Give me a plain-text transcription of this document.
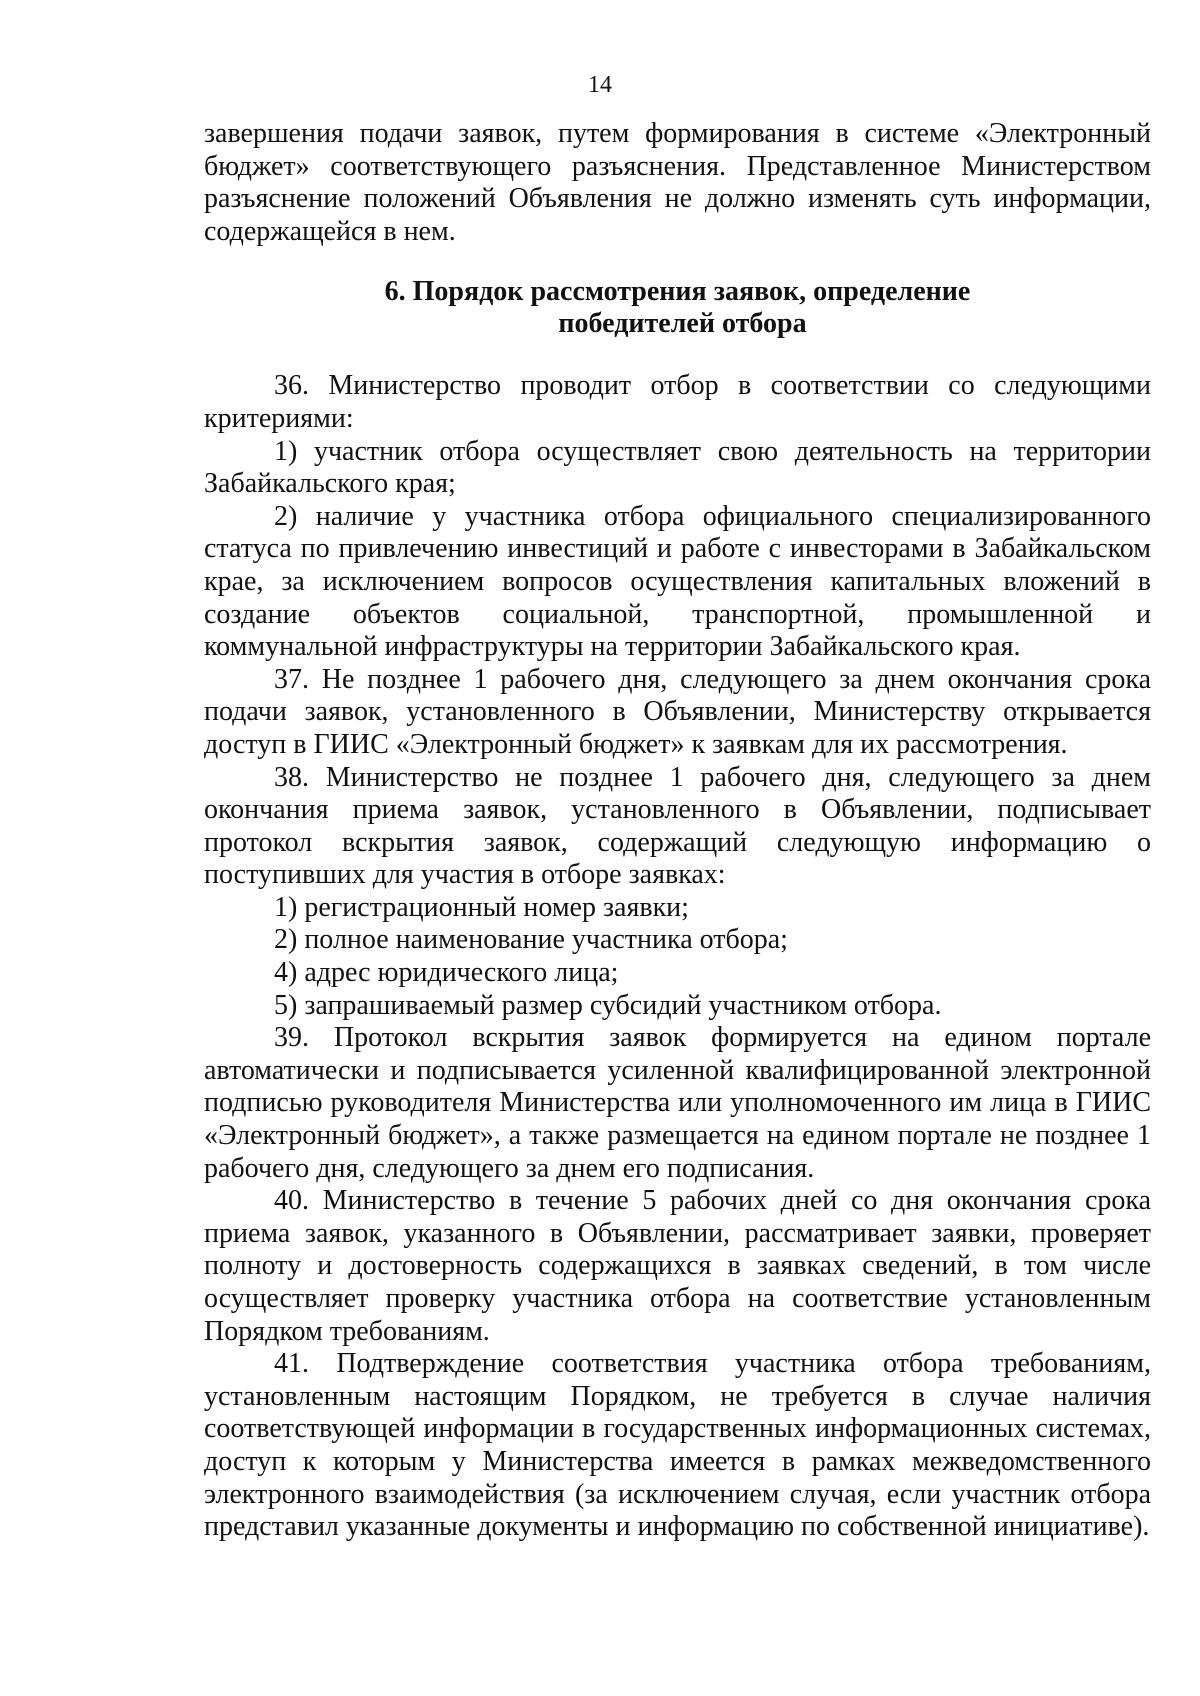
14

завершения подачи заявок, путем формирования в системе «Электронный бюджет» соответствующего разъяснения. Представленное Министерством разъяснение положений Объявления не должно изменять суть информации, содержащейся в нем.

6. Порядок рассмотрения заявок, определение
победителей отбора

36. Министерство проводит отбор в соответствии со следующими критериями:

1) участник отбора осуществляет свою деятельность на территории Забайкальского края;

2) наличие у участника отбора официального специализированного статуса по привлечению инвестиций и работе с инвесторами в Забайкальском крае, за исключением вопросов осуществления капитальных вложений в создание объектов социальной, транспортной, промышленной и коммунальной инфраструктуры на территории Забайкальского края.

37. Не позднее 1 рабочего дня, следующего за днем окончания срока подачи заявок, установленного в Объявлении, Министерству открывается доступ в ГИИС «Электронный бюджет» к заявкам для их рассмотрения.

38. Министерство не позднее 1 рабочего дня, следующего за днем окончания приема заявок, установленного в Объявлении, подписывает протокол вскрытия заявок, содержащий следующую информацию о поступивших для участия в отборе заявках:

1) регистрационный номер заявки;

2) полное наименование участника отбора;

4) адрес юридического лица;

5) запрашиваемый размер субсидий участником отбора.

39. Протокол вскрытия заявок формируется на едином портале автоматически и подписывается усиленной квалифицированной электронной подписью руководителя Министерства или уполномоченного им лица в ГИИС «Электронный бюджет», а также размещается на едином портале не позднее 1 рабочего дня, следующего за днем его подписания.

40. Министерство в течение 5 рабочих дней со дня окончания срока приема заявок, указанного в Объявлении, рассматривает заявки, проверяет полноту и достоверность содержащихся в заявках сведений, в том числе осуществляет проверку участника отбора на соответствие установленным Порядком требованиям.

41. Подтверждение соответствия участника отбора требованиям, установленным настоящим Порядком, не требуется в случае наличия соответствующей информации в государственных информационных системах, доступ к которым у Министерства имеется в рамках межведомственного электронного взаимодействия (за исключением случая, если участник отбора представил указанные документы и информацию по собственной инициативе).
